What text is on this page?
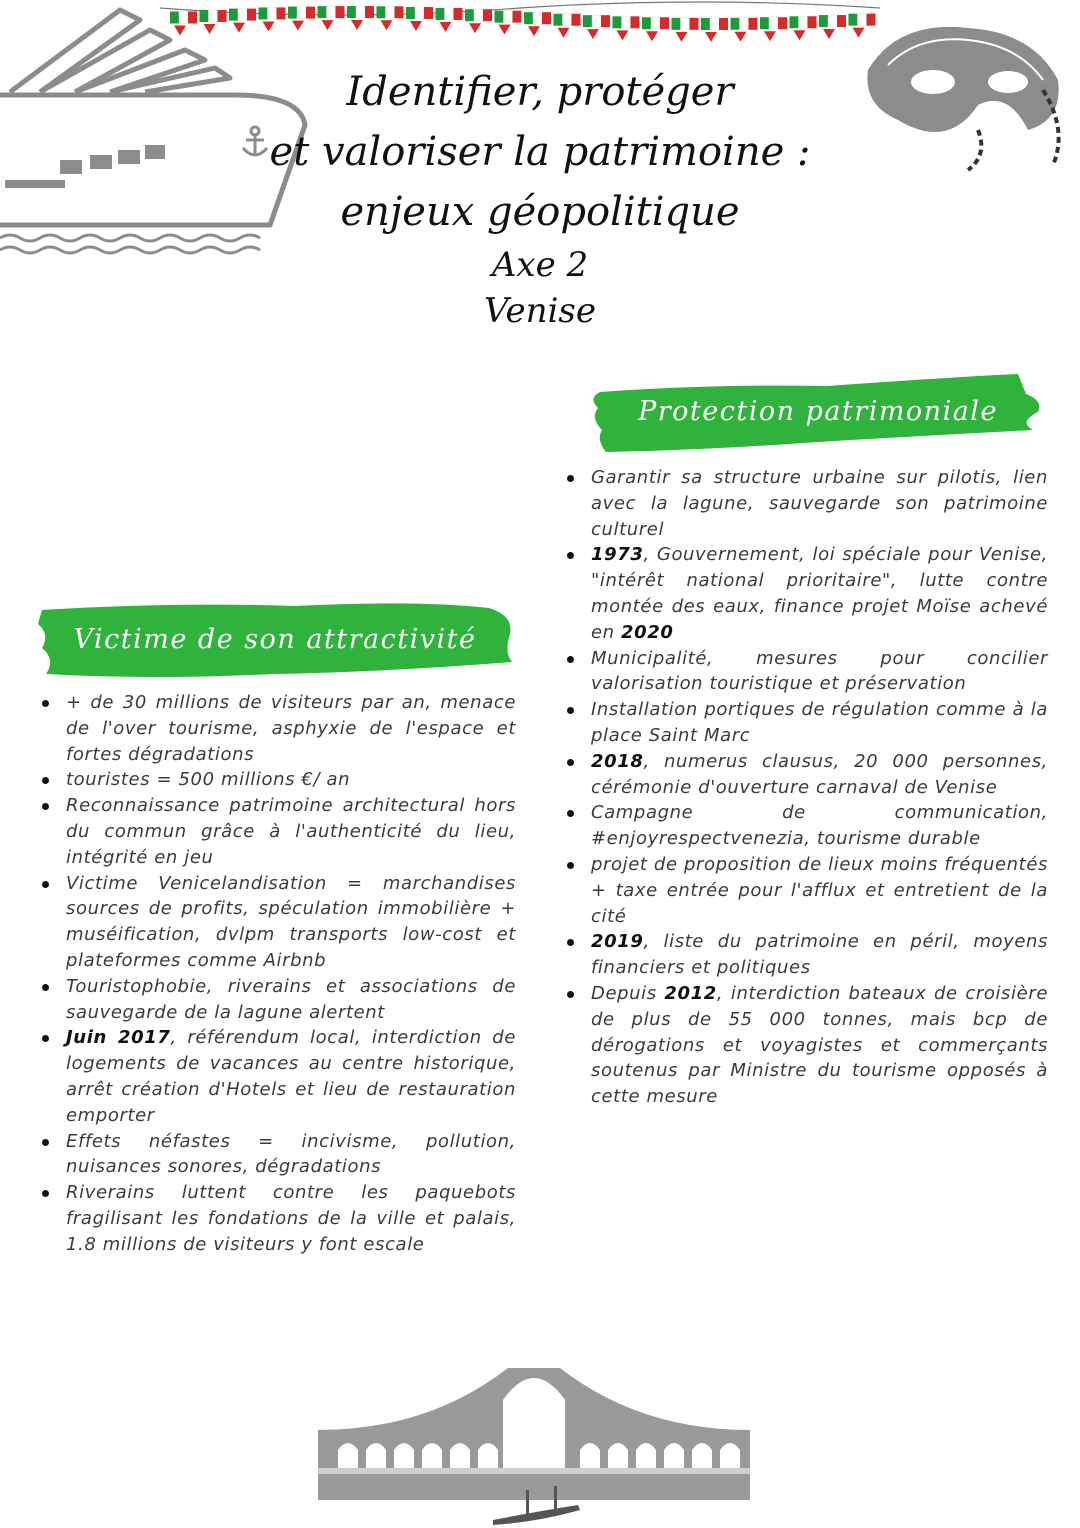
Identifier, protéger
et valoriser la patrimoine :
enjeux géopolitique
Axe 2
Venise
Protection patrimoniale
Victime de son attractivité
Garantir sa structure urbaine sur pilotis, lien avec la lagune, sauvegarde son patrimoine culturel
1973, Gouvernement, loi spéciale pour Venise, "intérêt national prioritaire", lutte contre montée des eaux, finance projet Moïse achevé en 2020
Municipalité, mesures pour concilier valorisation touristique et préservation
Installation portiques de régulation comme à la place Saint Marc
2018, numerus clausus, 20 000 personnes, cérémonie d'ouverture carnaval de Venise
Campagne de communication, #enjoyrespectvenezia, tourisme durable
projet de proposition de lieux moins fréquentés + taxe entrée pour l'afflux et entretient de la cité
2019, liste du patrimoine en péril, moyens financiers et politiques
Depuis 2012, interdiction bateaux de croisière de plus de 55 000 tonnes, mais bcp de dérogations et voyagistes et commerçants soutenus par Ministre du tourisme opposés à cette mesure
+ de 30 millions de visiteurs par an, menace de l'over tourisme, asphyxie de l'espace et fortes dégradations
touristes = 500 millions €/ an
Reconnaissance patrimoine architectural hors du commun grâce à l'authenticité du lieu, intégrité en jeu
Victime Venicelandisation = marchandises sources de profits, spéculation immobilière + muséification, dvlpm transports low-cost et plateformes comme Airbnb
Touristophobie, riverains et associations de sauvegarde de la lagune alertent
Juin 2017, référendum local, interdiction de logements de vacances au centre historique, arrêt création d'Hotels et lieu de restauration emporter
Effets néfastes = incivisme, pollution, nuisances sonores, dégradations
Riverains luttent contre les paquebots fragilisant les fondations de la ville et palais, 1.8 millions de visiteurs y font escale
